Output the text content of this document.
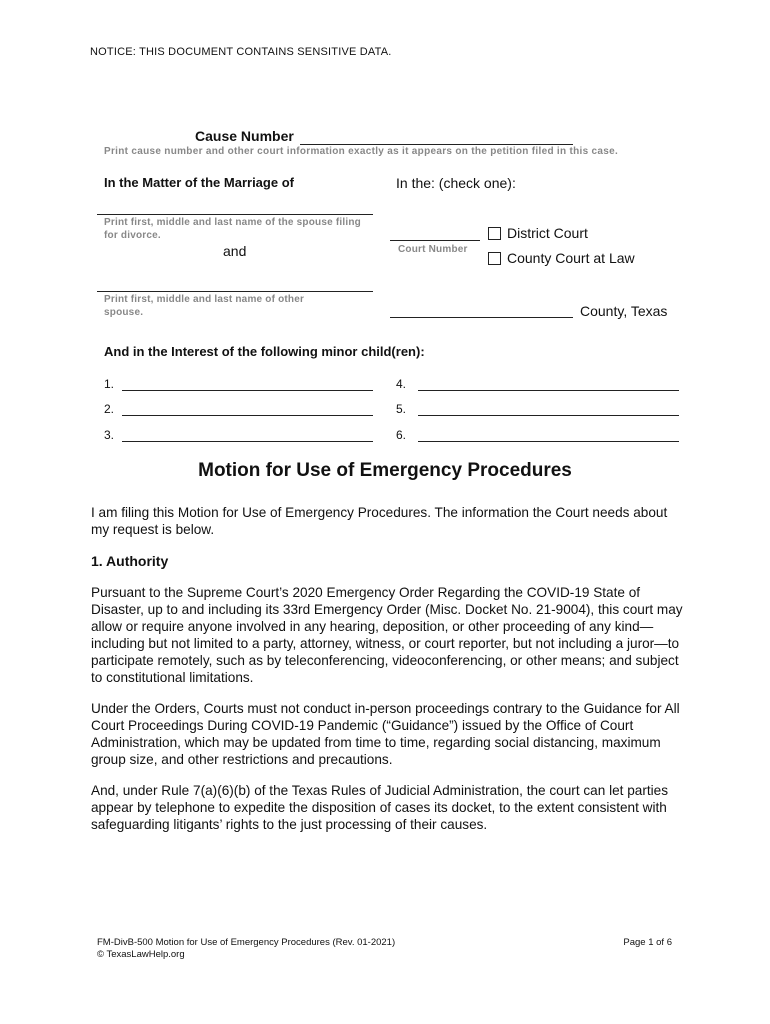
NOTICE: THIS DOCUMENT CONTAINS SENSITIVE DATA.
Cause Number
Print cause number and other court information exactly as it appears on the petition filed in this case.
In the Matter of the Marriage of	In the: (check one):
Print first, middle and last name of the spouse filing for divorce.
and
Print first, middle and last name of other spouse.
Court Number
District Court
County Court at Law
County, Texas
And in the Interest of the following minor child(ren):
1.
2.
3.
4.
5.
6.
Motion for Use of Emergency Procedures
I am filing this Motion for Use of Emergency Procedures. The information the Court needs about my request is below.
1. Authority
Pursuant to the Supreme Court’s 2020 Emergency Order Regarding the COVID-19 State of Disaster, up to and including its 33rd Emergency Order (Misc. Docket No. 21-9004), this court may allow or require anyone involved in any hearing, deposition, or other proceeding of any kind—including but not limited to a party, attorney, witness, or court reporter, but not including a juror—to participate remotely, such as by teleconferencing, videoconferencing, or other means; and subject to constitutional limitations.
Under the Orders, Courts must not conduct in-person proceedings contrary to the Guidance for All Court Proceedings During COVID-19 Pandemic (“Guidance”) issued by the Office of Court Administration, which may be updated from time to time, regarding social distancing, maximum group size, and other restrictions and precautions.
And, under Rule 7(a)(6)(b) of the Texas Rules of Judicial Administration, the court can let parties appear by telephone to expedite the disposition of cases its docket, to the extent consistent with safeguarding litigants’ rights to the just processing of their causes.
FM-DivB-500 Motion for Use of Emergency Procedures (Rev. 01-2021)
© TexasLawHelp.org
Page 1 of 6
